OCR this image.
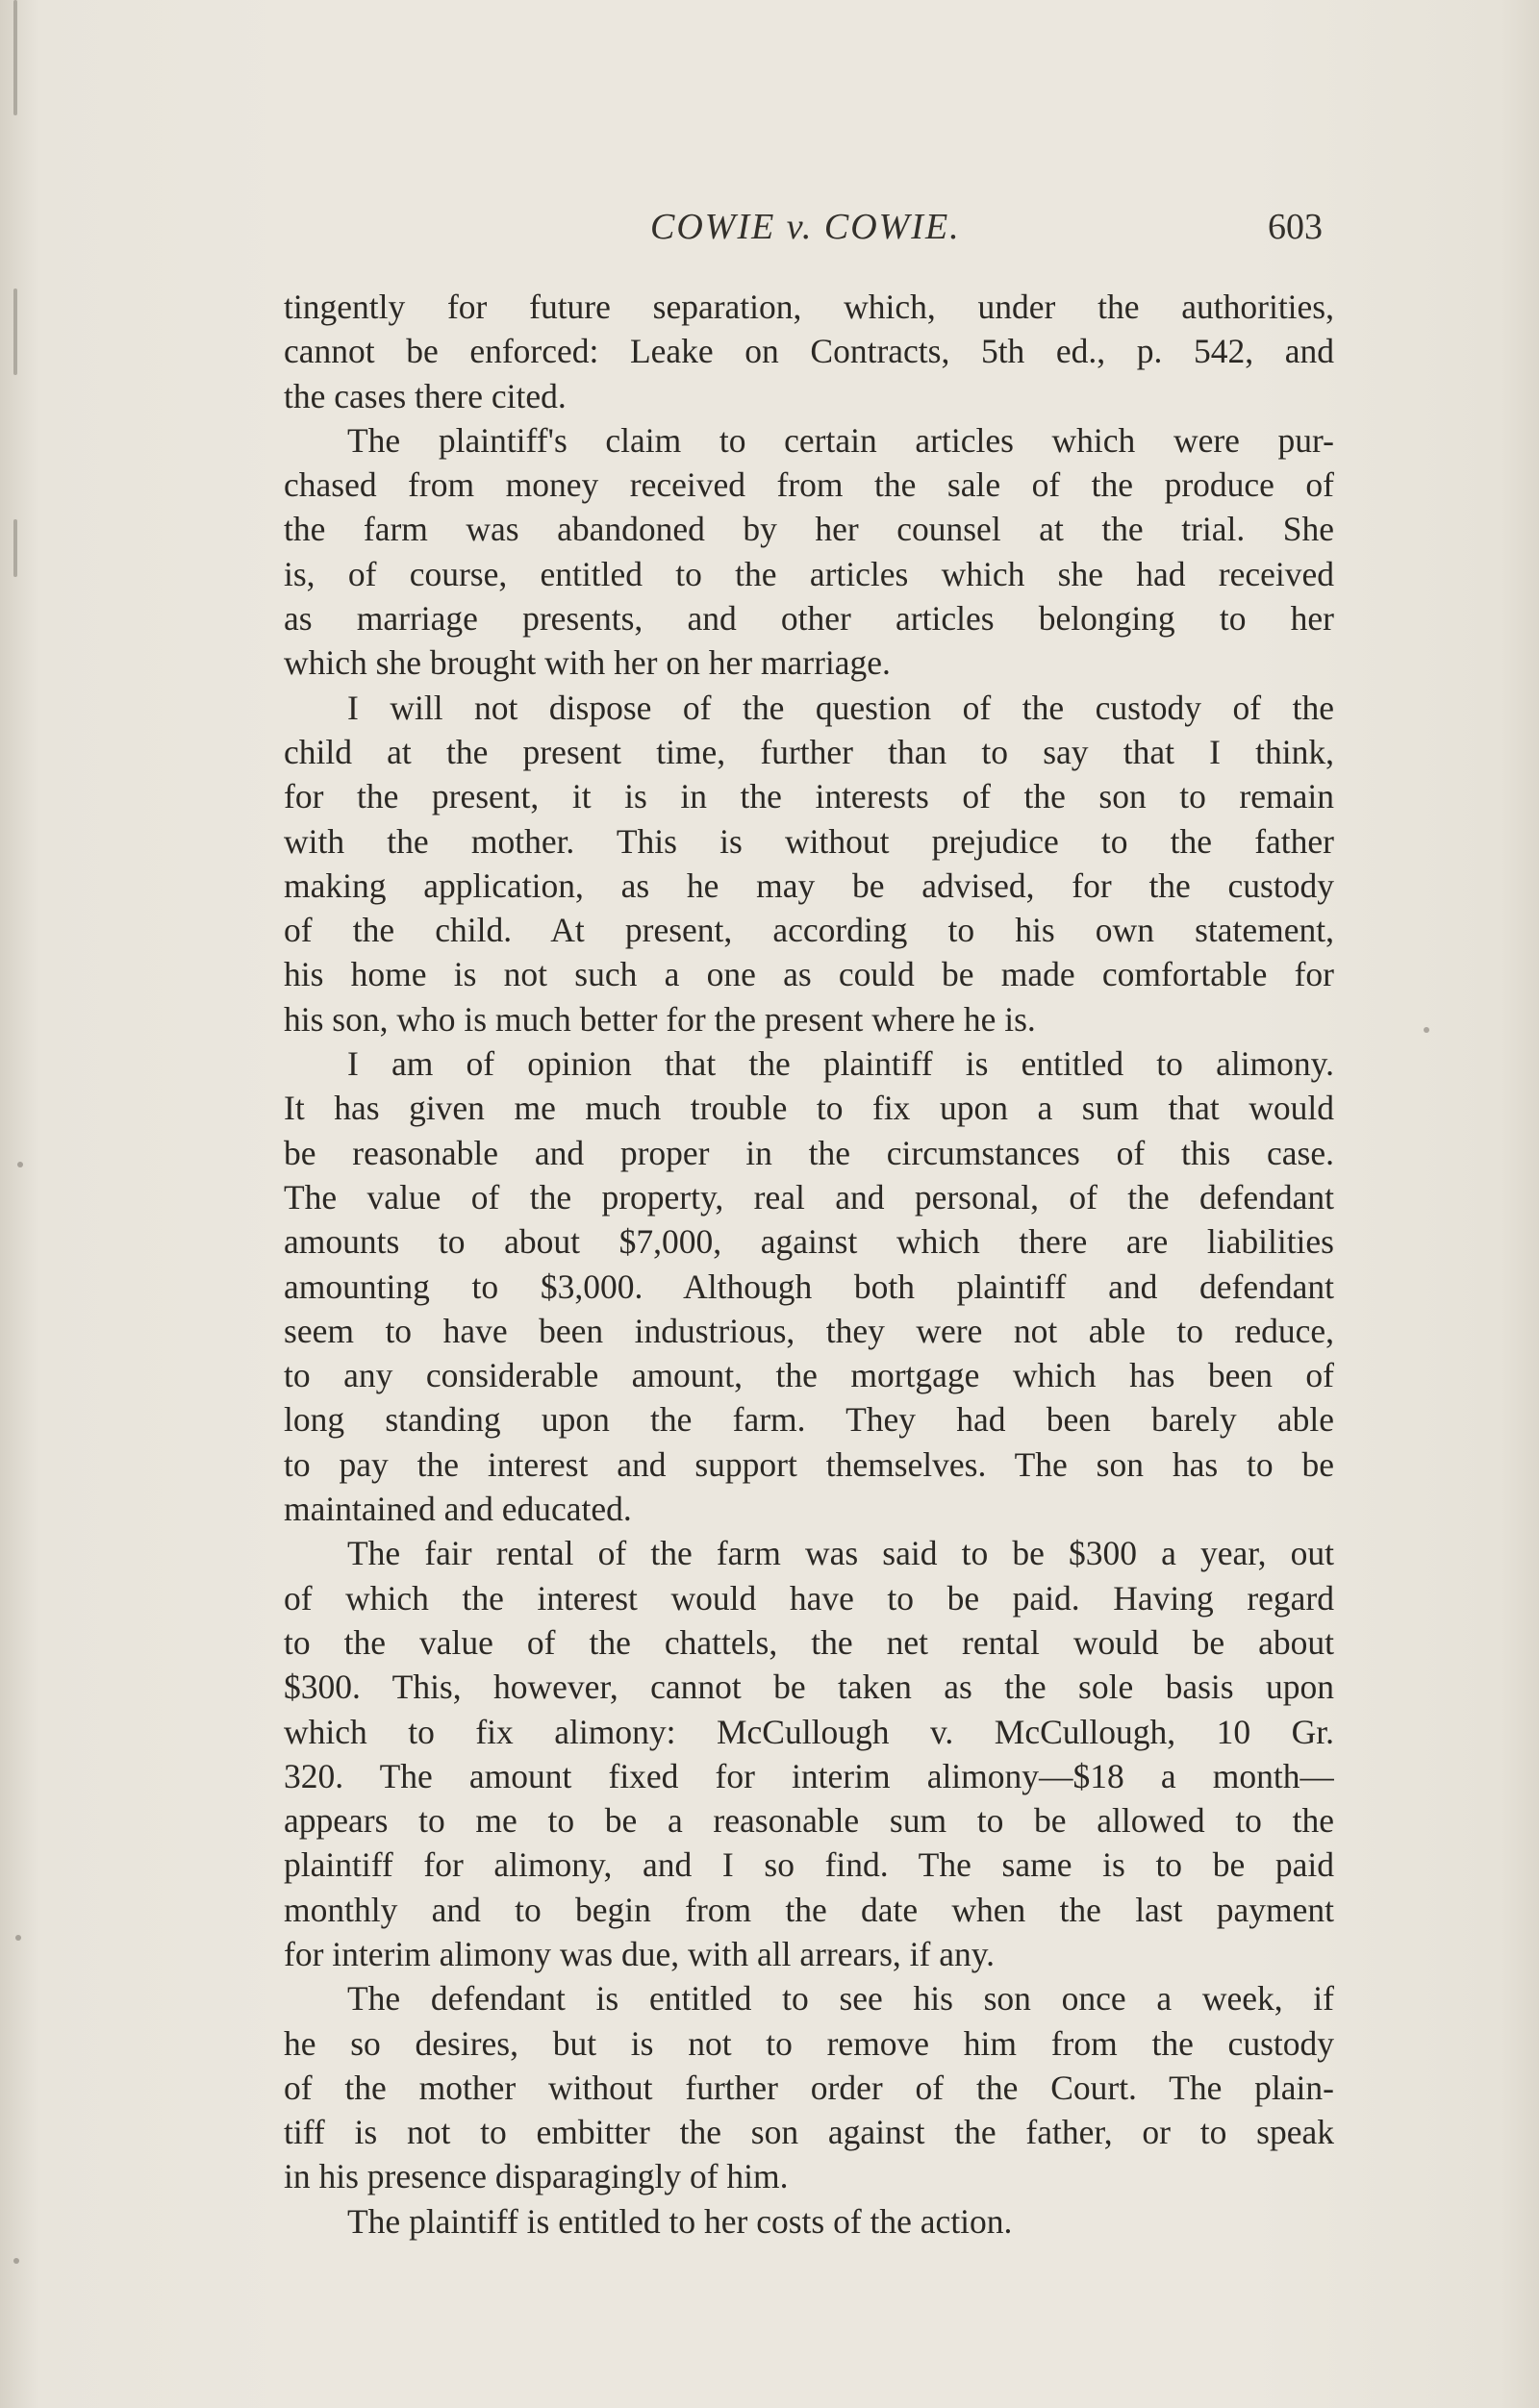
COWIE v. COWIE.	603

tingently for future separation, which, under the authorities,
cannot be enforced: Leake on Contracts, 5th ed., p. 542, and
the cases there cited.

The plaintiff's claim to certain articles which were pur-
chased from money received from the sale of the produce of
the farm was abandoned by her counsel at the trial. She
is, of course, entitled to the articles which she had received
as marriage presents, and other articles belonging to her
which she brought with her on her marriage.

I will not dispose of the question of the custody of the
child at the present time, further than to say that I think,
for the present, it is in the interests of the son to remain
with the mother. This is without prejudice to the father
making application, as he may be advised, for the custody
of the child. At present, according to his own statement,
his home is not such a one as could be made comfortable for
his son, who is much better for the present where he is.

I am of opinion that the plaintiff is entitled to alimony.
It has given me much trouble to fix upon a sum that would
be reasonable and proper in the circumstances of this case.
The value of the property, real and personal, of the defendant
amounts to about $7,000, against which there are liabilities
amounting to $3,000. Although both plaintiff and defendant
seem to have been industrious, they were not able to reduce,
to any considerable amount, the mortgage which has been of
long standing upon the farm. They had been barely able
to pay the interest and support themselves. The son has to be
maintained and educated.

The fair rental of the farm was said to be $300 a year, out
of which the interest would have to be paid. Having regard
to the value of the chattels, the net rental would be about
$300. This, however, cannot be taken as the sole basis upon
which to fix alimony: McCullough v. McCullough, 10 Gr.
320. The amount fixed for interim alimony—$18 a month—
appears to me to be a reasonable sum to be allowed to the
plaintiff for alimony, and I so find. The same is to be paid
monthly and to begin from the date when the last payment
for interim alimony was due, with all arrears, if any.

The defendant is entitled to see his son once a week, if
he so desires, but is not to remove him from the custody
of the mother without further order of the Court. The plain-
tiff is not to embitter the son against the father, or to speak
in his presence disparagingly of him.

The plaintiff is entitled to her costs of the action.
